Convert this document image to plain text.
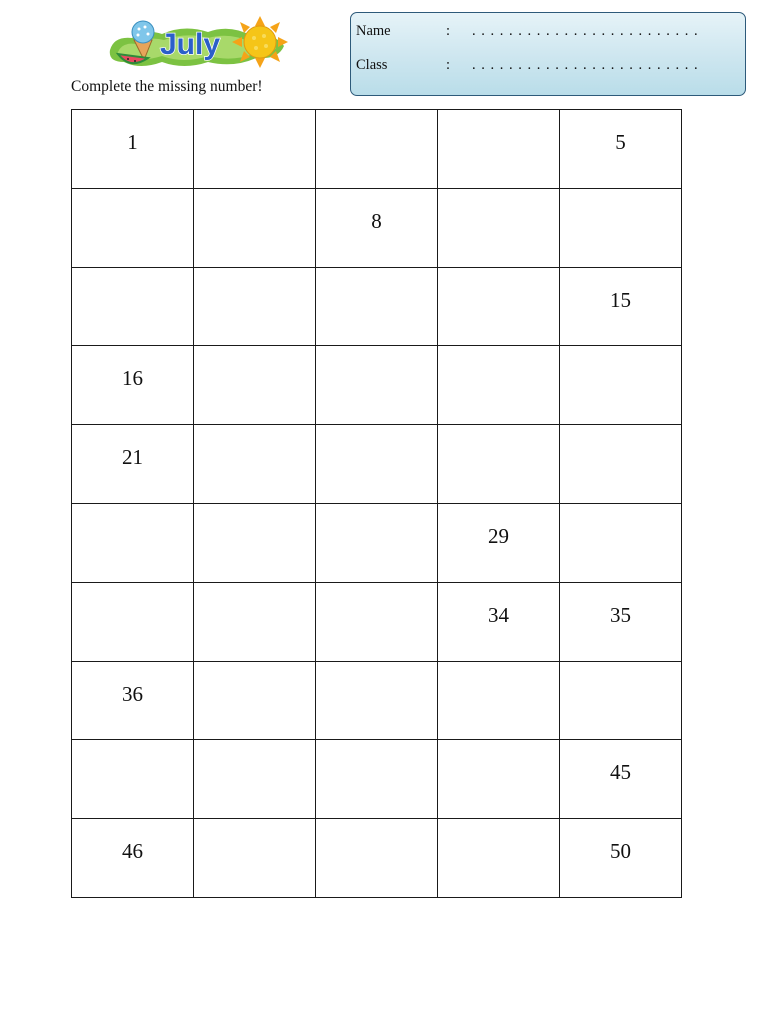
July
Complete the missing number!
Name	: . . . . . . . . . . . . . . . . . . . . . . . . .
Class	: . . . . . . . . . . . . . . . . . . . . . . . . .
1				5

		8		

				15

16				

21				

			29	

			34	35

36				

				45

46				50
